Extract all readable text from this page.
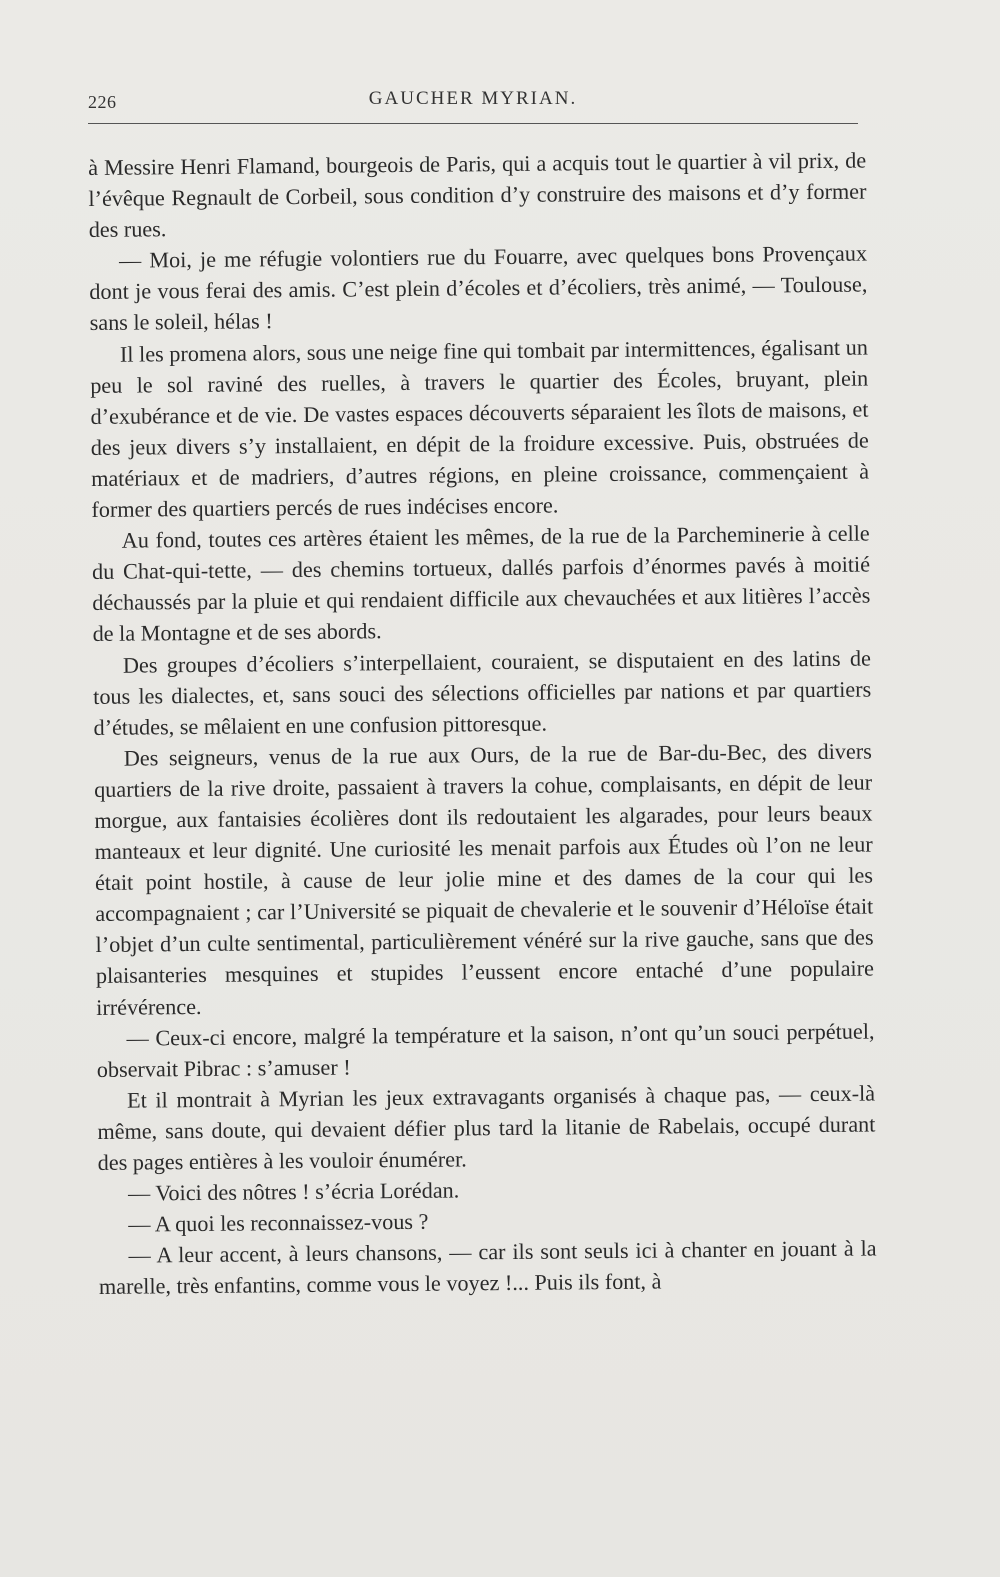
226	GAUCHER MYRIAN.

à Messire Henri Flamand, bourgeois de Paris, qui a acquis tout le quartier à vil prix, de l’évêque Regnault de Corbeil, sous condition d’y construire des maisons et d’y former des rues.

— Moi, je me réfugie volontiers rue du Fouarre, avec quelques bons Provençaux dont je vous ferai des amis. C’est plein d’écoles et d’écoliers, très animé, — Toulouse, sans le soleil, hélas !

Il les promena alors, sous une neige fine qui tombait par intermittences, égalisant un peu le sol raviné des ruelles, à travers le quartier des Écoles, bruyant, plein d’exubérance et de vie. De vastes espaces découverts séparaient les îlots de maisons, et des jeux divers s’y installaient, en dépit de la froidure excessive. Puis, obstruées de matériaux et de madriers, d’autres régions, en pleine croissance, commençaient à former des quartiers percés de rues indécises encore.

Au fond, toutes ces artères étaient les mêmes, de la rue de la Parcheminerie à celle du Chat-qui-tette, — des chemins tortueux, dallés parfois d’énormes pavés à moitié déchaussés par la pluie et qui rendaient difficile aux chevauchées et aux litières l’accès de la Montagne et de ses abords.

Des groupes d’écoliers s’interpellaient, couraient, se disputaient en des latins de tous les dialectes, et, sans souci des sélections officielles par nations et par quartiers d’études, se mêlaient en une confusion pittoresque.

Des seigneurs, venus de la rue aux Ours, de la rue de Bar-du-Bec, des divers quartiers de la rive droite, passaient à travers la cohue, complaisants, en dépit de leur morgue, aux fantaisies écolières dont ils redoutaient les algarades, pour leurs beaux manteaux et leur dignité. Une curiosité les menait parfois aux Études où l’on ne leur était point hostile, à cause de leur jolie mine et des dames de la cour qui les accompagnaient ; car l’Université se piquait de chevalerie et le souvenir d’Héloïse était l’objet d’un culte sentimental, particulièrement vénéré sur la rive gauche, sans que des plaisanteries mesquines et stupides l’eussent encore entaché d’une populaire irrévérence.

— Ceux-ci encore, malgré la température et la saison, n’ont qu’un souci perpétuel, observait Pibrac : s’amuser !

Et il montrait à Myrian les jeux extravagants organisés à chaque pas, — ceux-là même, sans doute, qui devaient défier plus tard la litanie de Rabelais, occupé durant des pages entières à les vouloir énumérer.

— Voici des nôtres ! s’écria Lorédan.

— A quoi les reconnaissez-vous ?

— A leur accent, à leurs chansons, — car ils sont seuls ici à chanter en jouant à la marelle, très enfantins, comme vous le voyez !... Puis ils font, à
